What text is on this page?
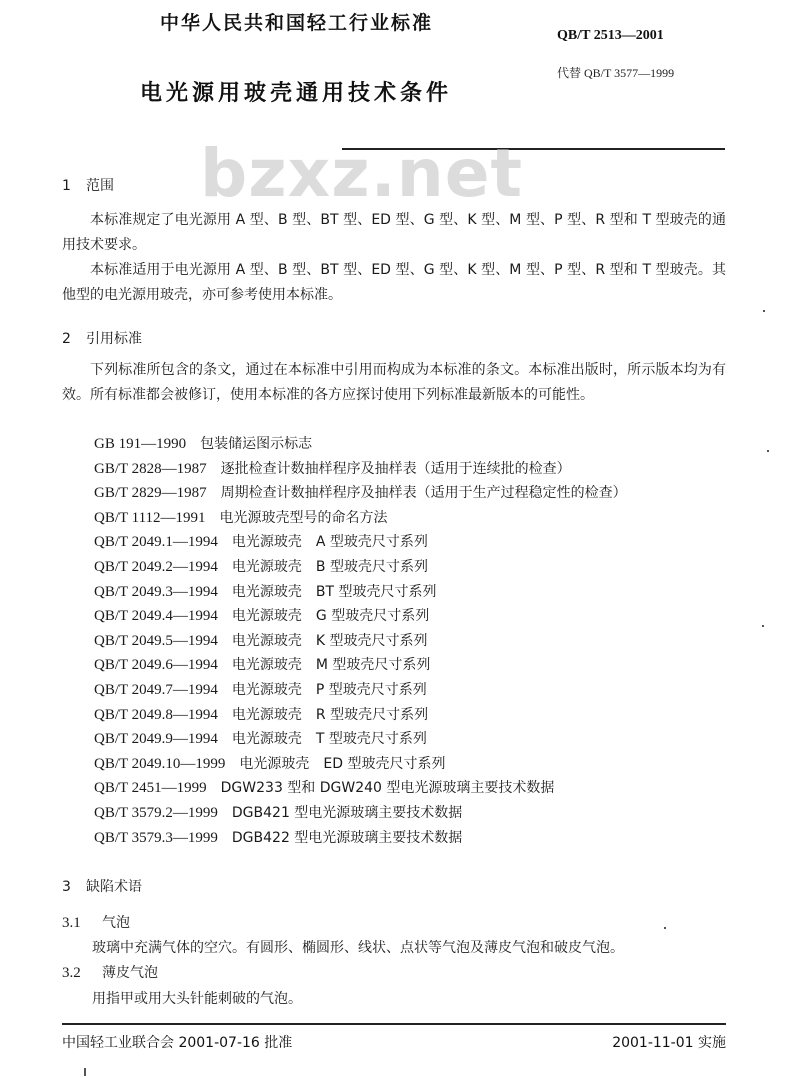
中华人民共和国轻工行业标准
QB/T 2513—2001
电光源用玻壳通用技术条件
代替 QB/T 3577—1999
bzxz.net
1 范围
本标准规定了电光源用 A 型、B 型、BT 型、ED 型、G 型、K 型、M 型、P 型、R 型和 T 型玻壳的通用技术要求。
本标准适用于电光源用 A 型、B 型、BT 型、ED 型、G 型、K 型、M 型、P 型、R 型和 T 型玻壳。其他型的电光源用玻壳，亦可参考使用本标准。
2 引用标准
下列标准所包含的条文，通过在本标准中引用而构成为本标准的条文。本标准出版时，所示版本均为有效。所有标准都会被修订，使用本标准的各方应探讨使用下列标准最新版本的可能性。
GB 191—1990 包装储运图示标志
GB/T 2828—1987 逐批检查计数抽样程序及抽样表（适用于连续批的检查）
GB/T 2829—1987 周期检查计数抽样程序及抽样表（适用于生产过程稳定性的检查）
QB/T 1112—1991 电光源玻壳型号的命名方法
QB/T 2049.1—1994 电光源玻壳　A 型玻壳尺寸系列
QB/T 2049.2—1994 电光源玻壳　B 型玻壳尺寸系列
QB/T 2049.3—1994 电光源玻壳　BT 型玻壳尺寸系列
QB/T 2049.4—1994 电光源玻壳　G 型玻壳尺寸系列
QB/T 2049.5—1994 电光源玻壳　K 型玻壳尺寸系列
QB/T 2049.6—1994 电光源玻壳　M 型玻壳尺寸系列
QB/T 2049.7—1994 电光源玻壳　P 型玻壳尺寸系列
QB/T 2049.8—1994 电光源玻壳　R 型玻壳尺寸系列
QB/T 2049.9—1994 电光源玻壳　T 型玻壳尺寸系列
QB/T 2049.10—1999 电光源玻壳　ED 型玻壳尺寸系列
QB/T 2451—1999 DGW233 型和 DGW240 型电光源玻璃主要技术数据
QB/T 3579.2—1999 DGB421 型电光源玻璃主要技术数据
QB/T 3579.3—1999 DGB422 型电光源玻璃主要技术数据
3 缺陷术语
3.1 气泡
玻璃中充满气体的空穴。有圆形、椭圆形、线状、点状等气泡及薄皮气泡和破皮气泡。
3.2 薄皮气泡
用指甲或用大头针能刺破的气泡。
中国轻工业联合会 2001-07-16 批准	2001-11-01 实施
